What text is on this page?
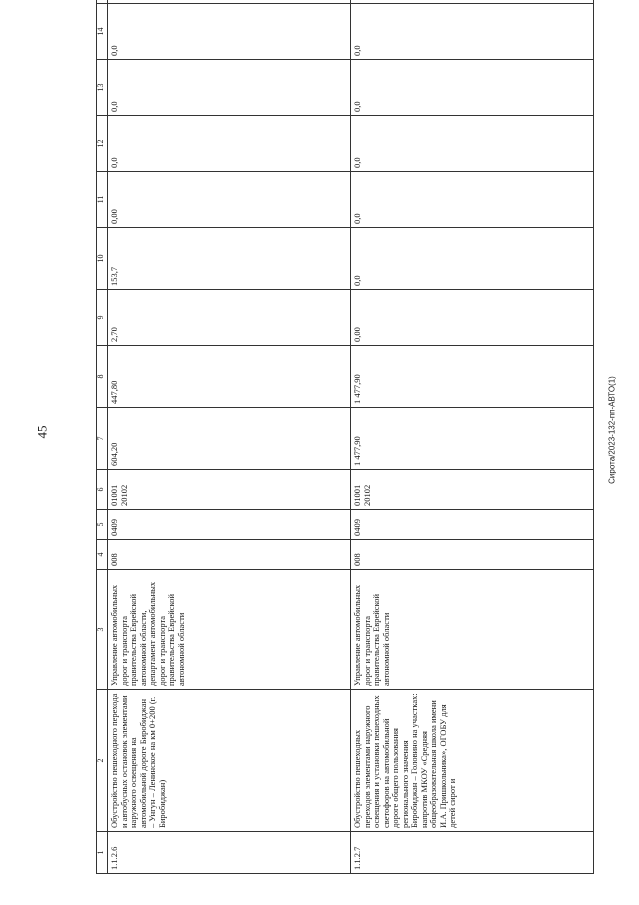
45	Сирота/2023-132-пп-АВТО(1)
1	2	3	4	5	6	7	8	9	10	11	12	13	14	
1.1.2.6	Обустройство пешеходного перехода и автобусных остановок элементами наружного освещения на автомобильной дороге Биробиджан – Унгун – Ленинское на км 0+200 (г. Биробиджан)	Управление автомобильных дорог и транспорта правительства Еврейской автономной области, департамент автомобильных дорог и транспорта правительства Еврейской автономной области	008	0409	01001 20102	604,20	447,80	2,70	153,7	0,00	0,0	0,0	0,0	
1.1.2.7	Обустройство пешеходных переходов элементами наружного освещения и установки пешеходных светофоров на автомобильной дороге общего пользования регионального значения Биробиджан – Головино на участках: напротив МКОУ «Средняя общеобразовательная школа имени И.А. Пришкольника», ОГОБУ для детей сирот и	Управление автомобильных дорог и транспорта правительства Еврейской автономной области	008	0409	01001 20102	1 477,90	1 477,90	0,00	0,0	0,0	0,0	0,0	0,0	
